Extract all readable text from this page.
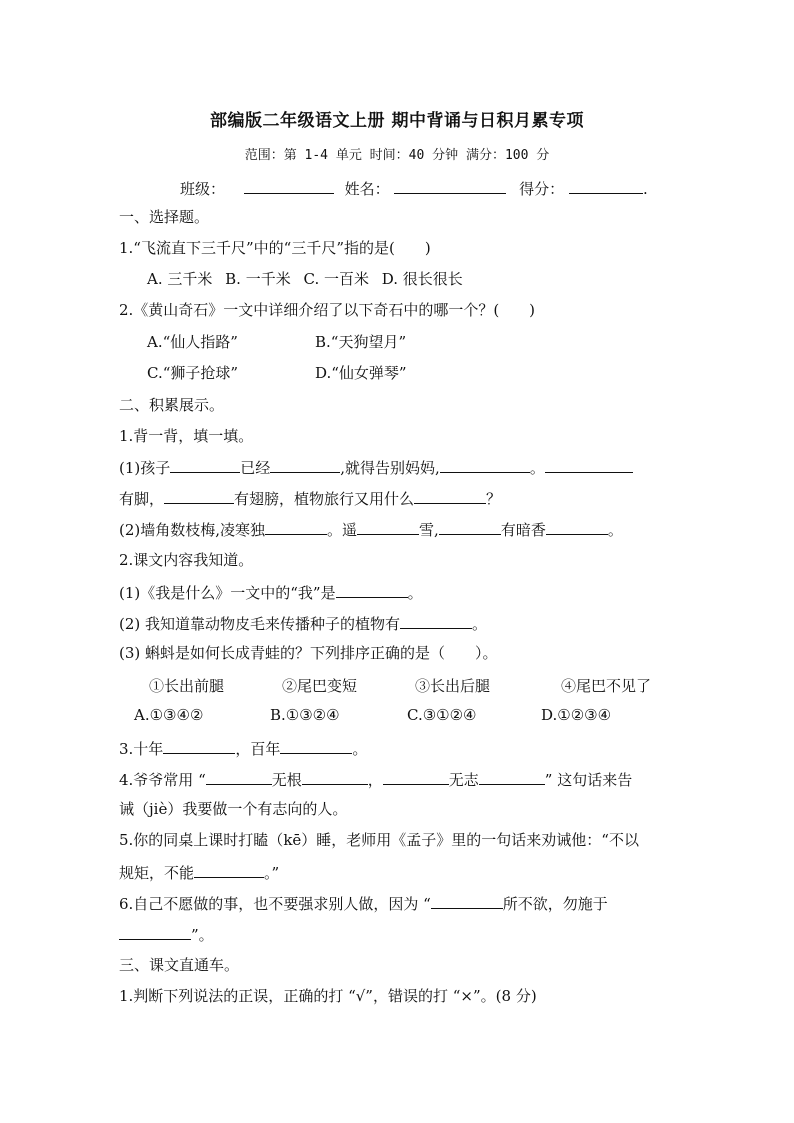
部编版二年级语文上册 期中背诵与日积月累专项
范围：第 1-4 单元 时间：40 分钟 满分：100 分
班级：	姓名：	得分：	.
一、选择题。
1.“飞流直下三千尺”中的“三千尺”指的是(　　)
A. 三千米 B. 一千米 C. 一百米 D. 很长很长
2.《黄山奇石》一文中详细介绍了以下奇石中的哪一个？(　　)
A.“仙人指路”	B.“天狗望月”
C.“狮子抢球”	D.“仙女弹琴”
二、积累展示。
1.背一背，填一填。
(1)孩子	已经	,就得告别妈妈,	。
有脚，	有翅膀，植物旅行又用什么	？
(2)墙角数枝梅,凌寒独	。遥	雪,	有暗香	。
2.课文内容我知道。
(1)《我是什么》一文中的“我”是	。
(2) 我知道靠动物皮毛来传播种子的植物有	。
(3) 蝌蚪是如何长成青蛙的？下列排序正确的是（　　）。
①长出前腿	②尾巴变短	③长出后腿	④尾巴不见了
A.①③④②	B.①③②④	C.③①②④	D.①②③④
3.十年	，百年	。
4.爷爷常用 “	无根	，	无志	” 这句话来告
诫（jiè）我要做一个有志向的人。
5.你的同桌上课时打瞌（kē）睡，老师用《孟子》里的一句话来劝诫他：“不以
规矩，不能	。”
6.自己不愿做的事，也不要强求别人做，因为 “	所不欲，勿施于
”。
三、课文直通车。
1.判断下列说法的正误，正确的打 “√”，错误的打 “×”。(8 分)
